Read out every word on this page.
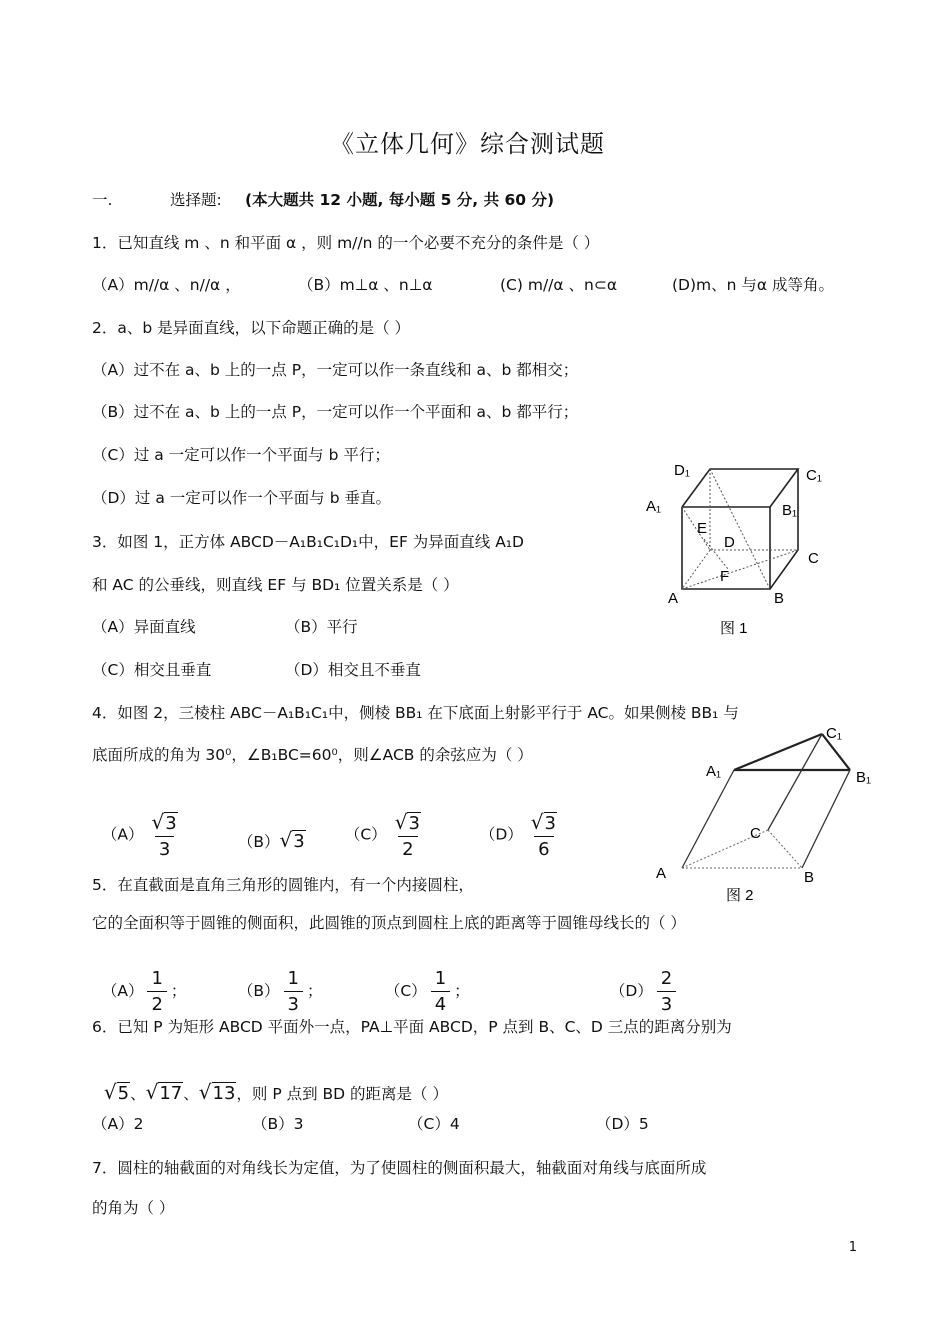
《立体几何》综合测试题
一.	选择题: (本大题共 12 小题, 每小题 5 分, 共 60 分)
1．已知直线 m 、n 和平面 α ，则 m//n 的一个必要不充分的条件是（ ）
（A）m//α 、n//α ，	（B）m⊥α 、n⊥α	(C) m//α 、n⊂α	(D)m、n 与α 成等角。
2．a、b 是异面直线，以下命题正确的是（ ）
（A）过不在 a、b 上的一点 P，一定可以作一条直线和 a、b 都相交；
（B）过不在 a、b 上的一点 P，一定可以作一个平面和 a、b 都平行；
（C）过 a 一定可以作一个平面与 b 平行；
（D）过 a 一定可以作一个平面与 b 垂直。
3．如图 1，正方体 ABCD－A₁B₁C₁D₁中，EF 为异面直线 A₁D
和 AC 的公垂线，则直线 EF 与 BD₁ 位置关系是（ ）
（A）异面直线	（B）平行
（C）相交且垂直	（D）相交且不垂直
D₁	C₁
A₁	B₁
E
D
C
F
A	B
图 1
4．如图 2，三棱柱 ABC－A₁B₁C₁中，侧棱 BB₁ 在下底面上射影平行于 AC。如果侧棱 BB₁ 与
底面所成的角为 30⁰，∠B₁BC=60⁰，则∠ACB 的余弦应为（ ）

$(A) \frac{√3}{3}$	（B）√3	$(C) \frac{√3}{2}$	$(D) \frac{√3}{6}$

C₁
A₁	B₁
C
A	B
图 2
5．在直截面是直角三角形的圆锥内，有一个内接圆柱，
它的全面积等于圆锥的侧面积，此圆锥的顶点到圆柱上底的距离等于圆锥母线长的（ ）

$(A) \frac{1}{2}$ ；	$(B) \frac{1}{3}$ ；	$(C) \frac{1}{4}$ ；	$(D) \frac{2}{3}$

6．已知 P 为矩形 ABCD 平面外一点，PA⊥平面 ABCD，P 点到 B、C、D 三点的距离分别为

√5、√17、√13，则 P 点到 BD 的距离是（ ）

（A）2	（B）3	（C）4	（D）5
7．圆柱的轴截面的对角线长为定值，为了使圆柱的侧面积最大，轴截面对角线与底面所成
的角为（ ）
1
